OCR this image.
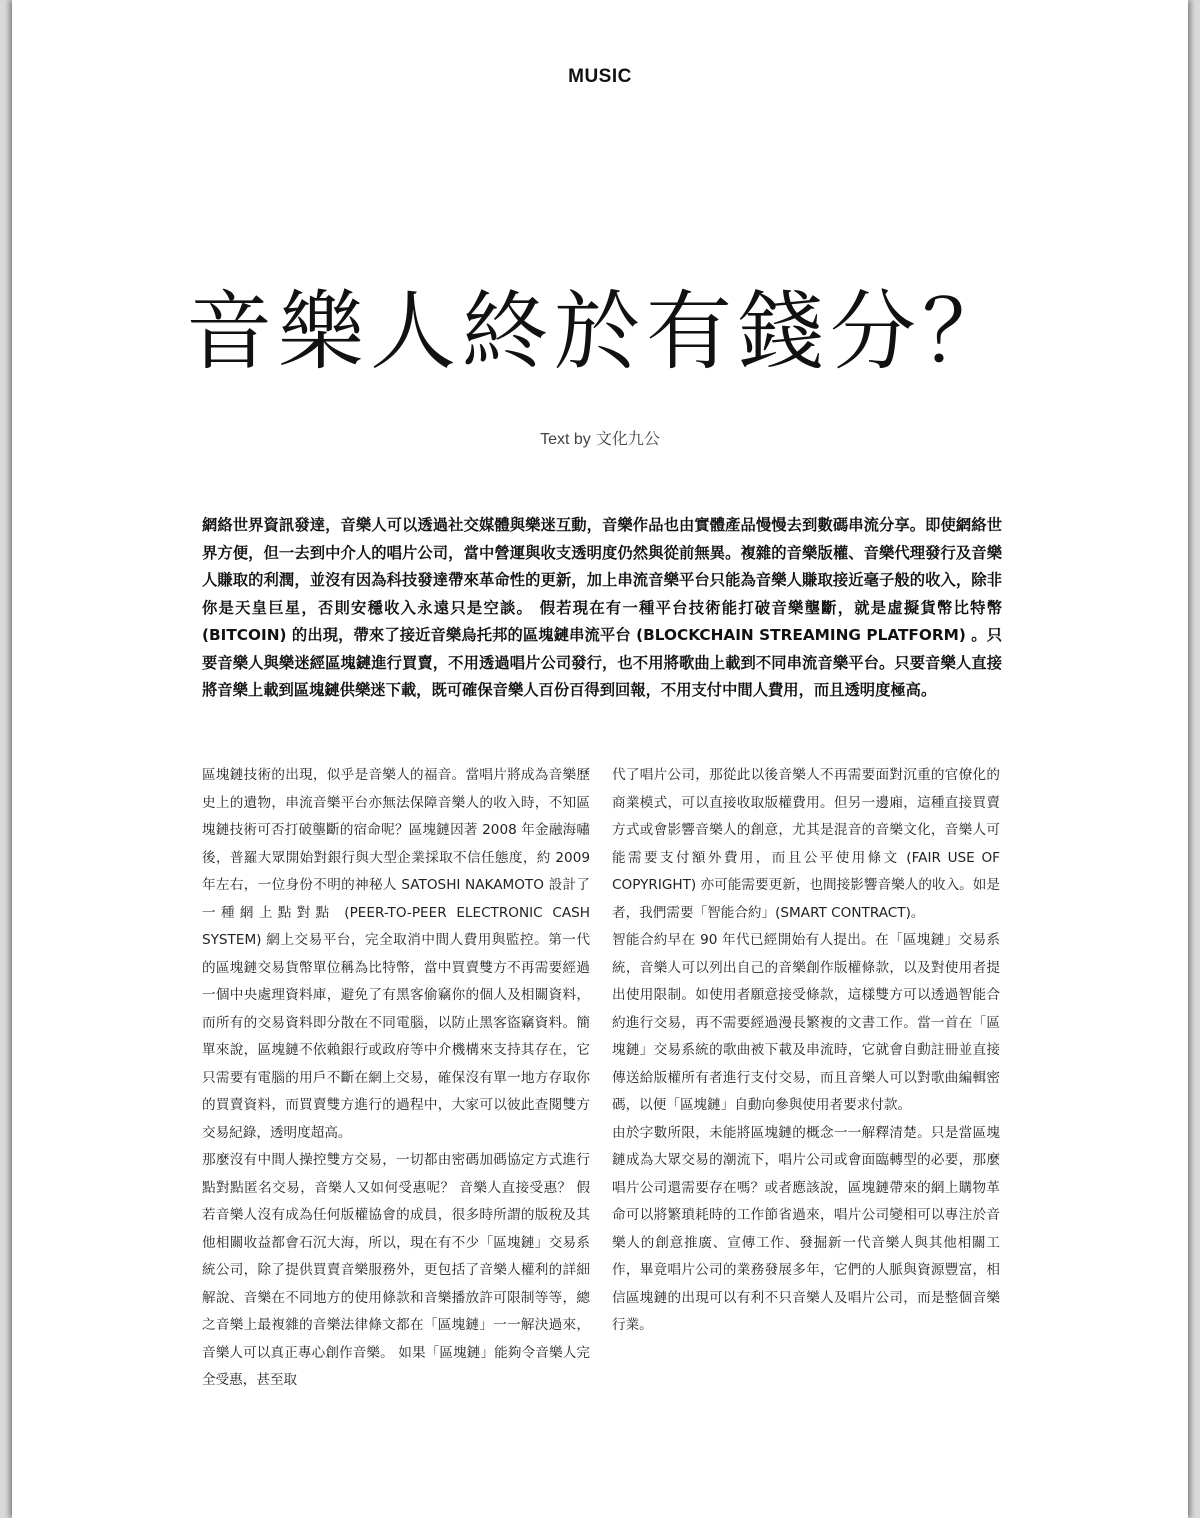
MUSIC
音樂人終於有錢分？
Text by 文化九公
網絡世界資訊發達，音樂人可以透過社交媒體與樂迷互動，音樂作品也由實體產品慢慢去到數碼串流分享。即使網絡世界方便，但一去到中介人的唱片公司，當中營運與收支透明度仍然與從前無異。複雜的音樂版權、音樂代理發行及音樂人賺取的利潤，並沒有因為科技發達帶來革命性的更新，加上串流音樂平台只能為音樂人賺取接近毫子般的收入，除非你是天皇巨星，否則安穩收入永遠只是空談。 假若現在有一種平台技術能打破音樂壟斷，就是虛擬貨幣比特幣 (BITCOIN) 的出現，帶來了接近音樂烏托邦的區塊鏈串流平台 (BLOCKCHAIN STREAMING PLATFORM) 。只要音樂人與樂迷經區塊鏈進行買賣，不用透過唱片公司發行，也不用將歌曲上載到不同串流音樂平台。只要音樂人直接將音樂上載到區塊鏈供樂迷下載，既可確保音樂人百份百得到回報，不用支付中間人費用，而且透明度極高。

區塊鏈技術的出現，似乎是音樂人的福音。當唱片將成為音樂歷史上的遺物，串流音樂平台亦無法保障音樂人的收入時，不知區塊鏈技術可否打破壟斷的宿命呢？區塊鏈因著 2008 年金融海嘯後，普羅大眾開始對銀行與大型企業採取不信任態度，約 2009 年左右，一位身份不明的神秘人 SATOSHI NAKAMOTO 設計了一種網上點對點 (PEER-TO-PEER ELECTRONIC CASH SYSTEM) 網上交易平台，完全取消中間人費用與監控。第一代的區塊鏈交易貨幣單位稱為比特幣，當中買賣雙方不再需要經過一個中央處理資料庫，避免了有黑客偷竊你的個人及相關資料，而所有的交易資料即分散在不同電腦，以防止黑客盜竊資料。簡單來說，區塊鏈不依賴銀行或政府等中介機構來支持其存在，它只需要有電腦的用戶不斷在網上交易，確保沒有單一地方存取你的買賣資料，而買賣雙方進行的過程中，大家可以彼此查閱雙方交易紀錄，透明度超高。

那麼沒有中間人操控雙方交易，一切都由密碼加碼協定方式進行點對點匿名交易，音樂人又如何受惠呢？ 音樂人直接受惠？ 假若音樂人沒有成為任何版權協會的成員，很多時所謂的版稅及其他相關收益都會石沉大海，所以，現在有不少「區塊鏈」交易系統公司，除了提供買賣音樂服務外，更包括了音樂人權利的詳細解說、音樂在不同地方的使用條款和音樂播放許可限制等等，總之音樂上最複雜的音樂法律條文都在「區塊鏈」一一解決過來，音樂人可以真正專心創作音樂。 如果「區塊鏈」能夠令音樂人完全受惠，甚至取

代了唱片公司，那從此以後音樂人不再需要面對沉重的官僚化的商業模式，可以直接收取版權費用。但另一邊廂，這種直接買賣方式或會影響音樂人的創意，尤其是混音的音樂文化，音樂人可能需要支付額外費用，而且公平使用條文 (FAIR USE OF COPYRIGHT) 亦可能需要更新，也間接影響音樂人的收入。如是者，我們需要「智能合約」(SMART CONTRACT)。

智能合約早在 90 年代已經開始有人提出。在「區塊鏈」交易系統，音樂人可以列出自己的音樂創作版權條款，以及對使用者提出使用限制。如使用者願意接受條款，這樣雙方可以透過智能合約進行交易，再不需要經過漫長繁複的文書工作。當一首在「區塊鏈」交易系統的歌曲被下載及串流時，它就會自動註冊並直接傳送給版權所有者進行支付交易，而且音樂人可以對歌曲編輯密碼，以便「區塊鏈」自動向參與使用者要求付款。

由於字數所限，未能將區塊鏈的概念一一解釋清楚。只是當區塊鏈成為大眾交易的潮流下，唱片公司或會面臨轉型的必要，那麼唱片公司還需要存在嗎？或者應該說，區塊鏈帶來的網上購物革命可以將繁瑣耗時的工作節省過來，唱片公司變相可以專注於音樂人的創意推廣、宣傳工作、發掘新一代音樂人與其他相關工作，畢竟唱片公司的業務發展多年，它們的人脈與資源豐富，相信區塊鏈的出現可以有利不只音樂人及唱片公司，而是整個音樂行業。
